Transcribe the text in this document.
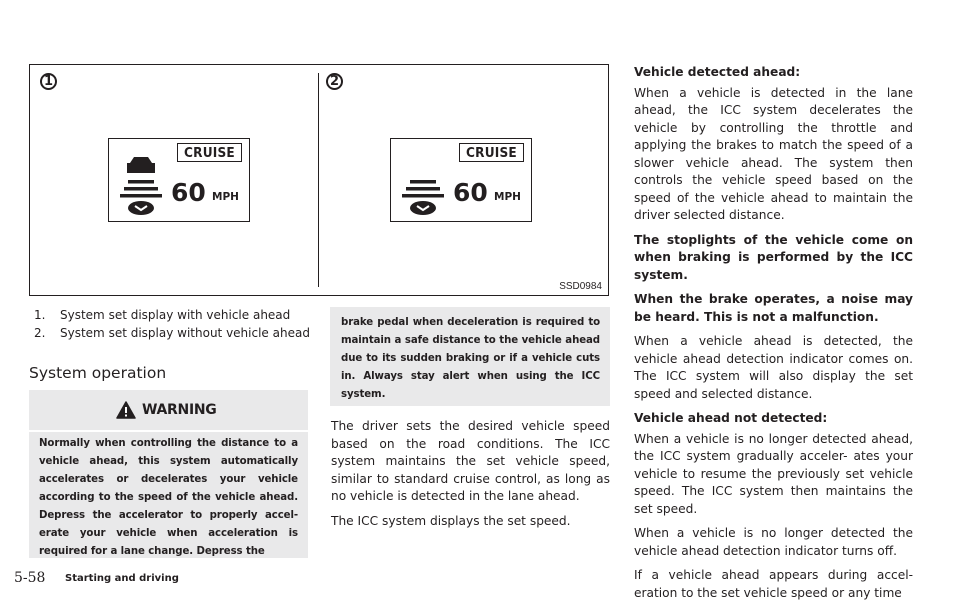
1	2
CRUISE
60 MPH
CRUISE
60 MPH
SSD0984
1.	System set display with vehicle ahead
2.	System set display without vehicle ahead
System operation
WARNING
Normally when controlling the distance to a vehicle ahead, this system automatically accelerates or decelerates your vehicle according to the speed of the vehicle ahead. Depress the accelerator to properly accel- erate your vehicle when acceleration is required for a lane change. Depress the
brake pedal when deceleration is required to maintain a safe distance to the vehicle ahead due to its sudden braking or if a vehicle cuts in. Always stay alert when using the ICC system.

The driver sets the desired vehicle speed based on the road conditions. The ICC system maintains the set vehicle speed, similar to standard cruise control, as long as no vehicle is detected in the lane ahead.

The ICC system displays the set speed.

Vehicle detected ahead:

When a vehicle is detected in the lane ahead, the ICC system decelerates the vehicle by controlling the throttle and applying the brakes to match the speed of a slower vehicle ahead. The system then controls the vehicle speed based on the speed of the vehicle ahead to maintain the driver selected distance.

The stoplights of the vehicle come on when braking is performed by the ICC system.

When the brake operates, a noise may be heard. This is not a malfunction.

When a vehicle ahead is detected, the vehicle ahead detection indicator comes on. The ICC system will also display the set speed and selected distance.

Vehicle ahead not detected:

When a vehicle is no longer detected ahead, the ICC system gradually acceler- ates your vehicle to resume the previously set vehicle speed. The ICC system then maintains the set speed.

When a vehicle is no longer detected the vehicle ahead detection indicator turns off.

If a vehicle ahead appears during accel- eration to the set vehicle speed or any time

5-58 Starting and driving
